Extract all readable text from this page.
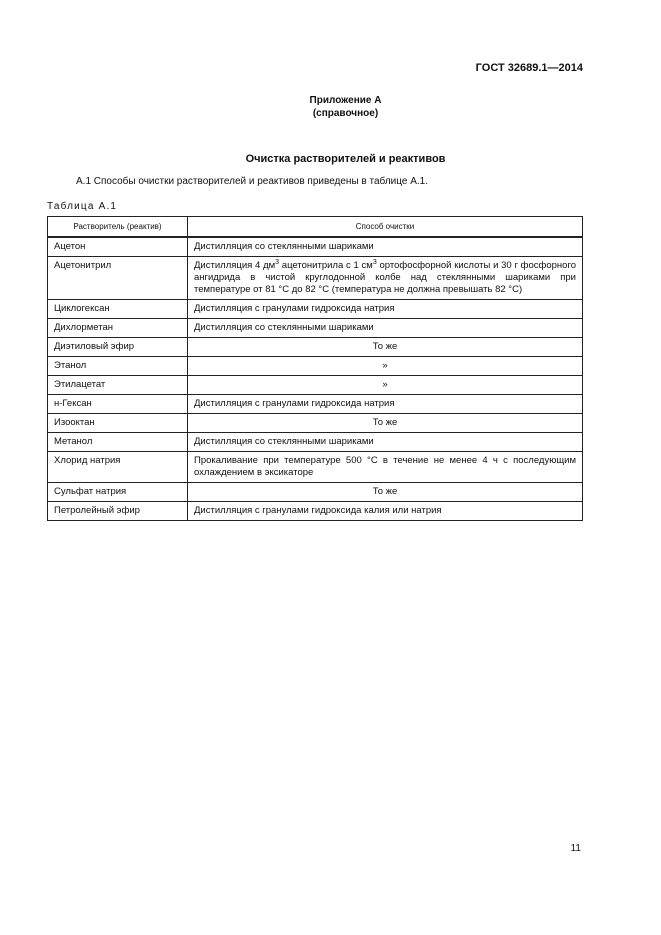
ГОСТ 32689.1—2014
Приложение А
(справочное)
Очистка растворителей и реактивов
А.1 Способы очистки растворителей и реактивов приведены в таблице А.1.
Таблица А.1
Растворитель (реактив)	Способ очистки
Ацетон	Дистилляция со стеклянными шариками
Ацетонитрил	Дистилляция 4 $дм^3$ ацетонитрила с 1 $см^3$ ортофосфорной кислоты и 30 г фосфорного ангидрида в чистой круглодонной колбе над стеклянными шариками при температуре от 81 °С до 82 °С (температура не должна превышать 82 °С)
Циклогексан	Дистилляция с гранулами гидроксида натрия
Дихлорметан	Дистилляция со стеклянными шариками
Диэтиловый эфир	То же
Этанол	»
Этилацетат	»
н-Гексан	Дистилляция с гранулами гидроксида натрия
Изооктан	То же
Метанол	Дистилляция со стеклянными шариками
Хлорид натрия	Прокаливание при температуре 500 °С в течение не менее 4 ч с последующим охлаждением в эксикаторе
Сульфат натрия	То же
Петролейный эфир	Дистилляция с гранулами гидроксида калия или натрия
11
